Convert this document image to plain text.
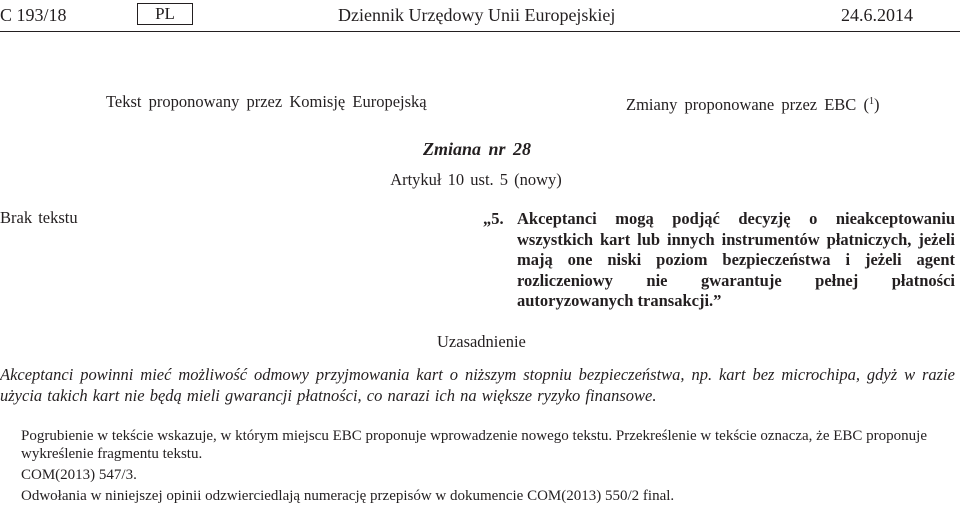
C 193/18	PL	Dziennik Urzędowy Unii Europejskiej	24.6.2014
Tekst proponowany przez Komisję Europejską	Zmiany proponowane przez EBC ($^1$)
Zmiana nr 28
Artykuł 10 ust. 5 (nowy)
Brak tekstu	„5. Akceptanci mogą podjąć decyzję o nieakceptowaniu wszystkich kart lub innych instrumentów płatniczych, jeżeli mają one niski poziom bezpieczeństwa i jeżeli agent rozliczeniowy nie gwarantuje pełnej płatności autoryzowanych transakcji.”

Uzasadnienie

Akceptanci powinni mieć możliwość odmowy przyjmowania kart o niższym stopniu bezpieczeństwa, np. kart bez microchipa, gdyż w razie użycia takich kart nie będą mieli gwarancji płatności, co narazi ich na większe ryzyko finansowe.

Pogrubienie w tekście wskazuje, w którym miejscu EBC proponuje wprowadzenie nowego tekstu. Przekreślenie w tekście oznacza, że EBC proponuje wykreślenie fragmentu tekstu.

COM(2013) 547/3.

Odwołania w niniejszej opinii odzwierciedlają numerację przepisów w dokumencie COM(2013) 550/2 final.
